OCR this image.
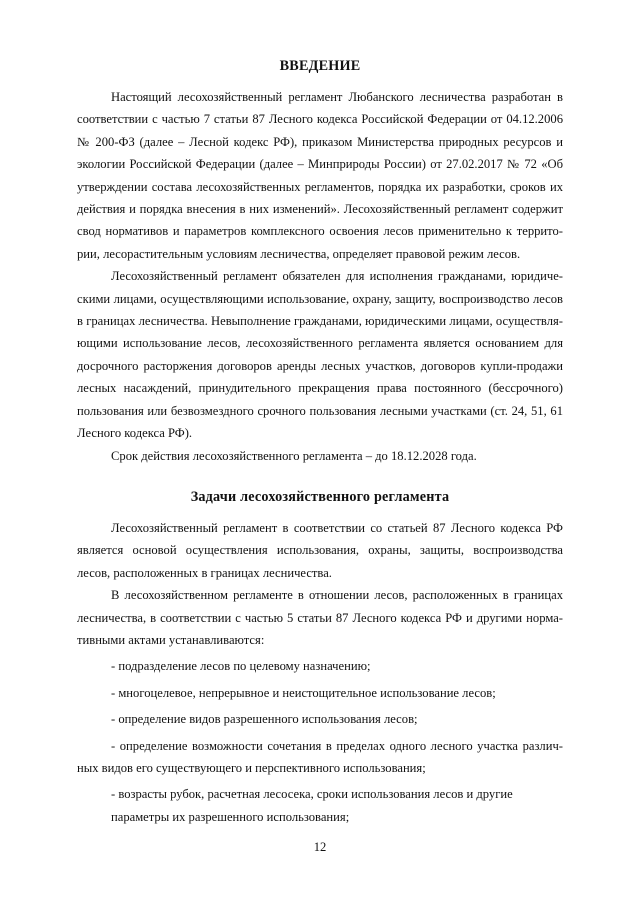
ВВЕДЕНИЕ

Настоящий лесохозяйственный регламент Любанского лесничества разработан в соответствии с частью 7 статьи 87 Лесного кодекса Российской Федерации от 04.12.2006 № 200-ФЗ (далее – Лесной кодекс РФ), приказом Министерства природных ресурсов и экологии Российской Федерации (далее – Минприроды России) от 27.02.2017 № 72 «Об утверждении состава лесохозяйственных регламентов, порядка их разработки, сроков их действия и порядка внесения в них изменений». Лесохозяйственный регламент содержит свод нормативов и параметров комплексного освоения лесов применительно к территории, лесорастительным условиям лесничества, определяет правовой режим лесов.

Лесохозяйственный регламент обязателен для исполнения гражданами, юридическими лицами, осуществляющими использование, охрану, защиту, воспроизводство лесов в границах лесничества. Невыполнение гражданами, юридическими лицами, осуществляющими использование лесов, лесохозяйственного регламента является основанием для досрочного расторжения договоров аренды лесных участков, договоров купли-продажи лесных насаждений, принудительного прекращения права постоянного (бессрочного) пользования или безвозмездного срочного пользования лесными участками (ст. 24, 51, 61 Лесного кодекса РФ).

Срок действия лесохозяйственного регламента – до 18.12.2028 года.

Задачи лесохозяйственного регламента

Лесохозяйственный регламент в соответствии со статьей 87 Лесного кодекса РФ является основой осуществления использования, охраны, защиты, воспроизводства лесов, расположенных в границах лесничества.

В лесохозяйственном регламенте в отношении лесов, расположенных в границах лесничества, в соответствии с частью 5 статьи 87 Лесного кодекса РФ и другими нормативными актами устанавливаются:

- подразделение лесов по целевому назначению;

- многоцелевое, непрерывное и неистощительное использование лесов;

- определение видов разрешенного использования лесов;

- определение возможности сочетания в пределах одного лесного участка различных видов его существующего и перспективного использования;

- возрасты рубок, расчетная лесосека, сроки использования лесов и другие

параметры их разрешенного использования;

12
